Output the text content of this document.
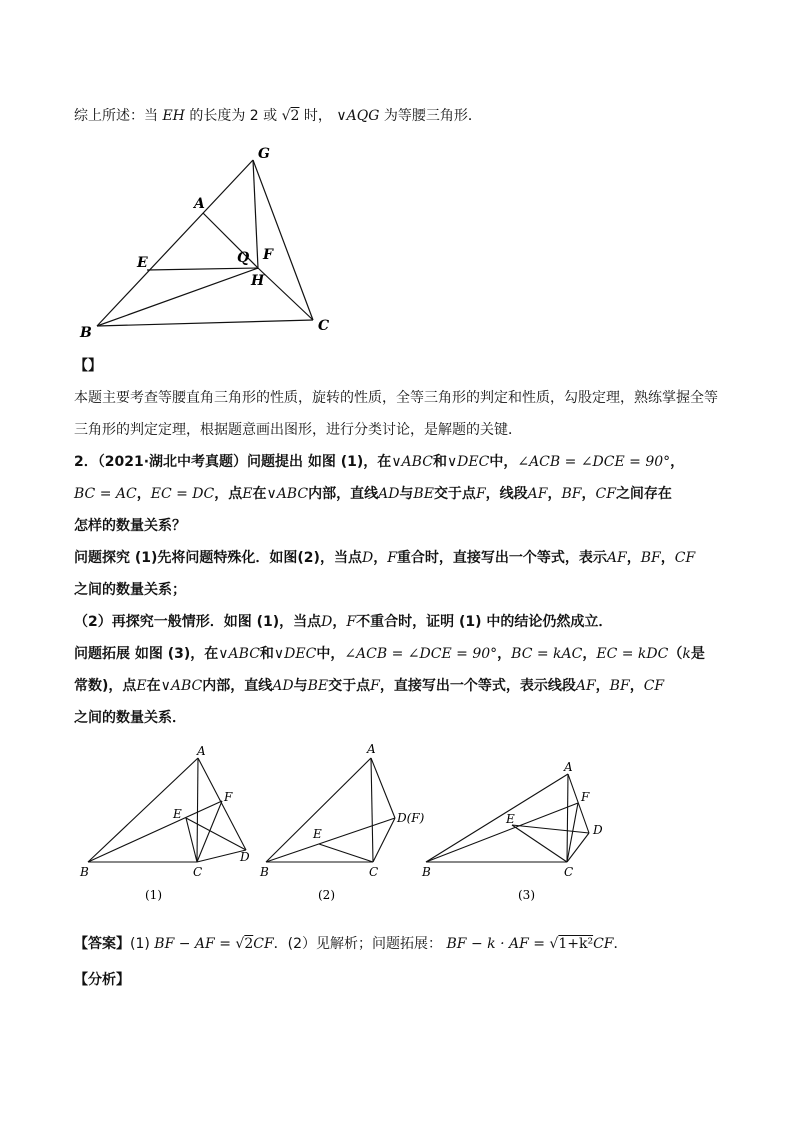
综上所述：当 EH 的长度为 2 或 √2 时， ∨AQG 为等腰三角形．
G
A
E	Q F
H
B	C
【】
本题主要考查等腰直角三角形的性质，旋转的性质，全等三角形的判定和性质，勾股定理，熟练掌握全等
三角形的判定定理，根据题意画出图形，进行分类讨论，是解题的关键．
2．（2021·湖北中考真题）问题提出 如图 (1)，在∨ABC和∨DEC中，∠ACB = ∠DCE = 90°，
BC = AC，EC = DC，点E在∨ABC内部，直线AD与BE交于点F，线段AF，BF，CF之间存在
怎样的数量关系？
问题探究 (1)先将问题特殊化．如图(2)，当点D，F重合时，直接写出一个等式，表示AF，BF，CF
之间的数量关系；
（2）再探究一般情形．如图 (1)，当点D，F不重合时，证明 (1) 中的结论仍然成立．
问题拓展 如图 (3)，在∨ABC和∨DEC中，∠ACB = ∠DCE = 90°，BC = kAC，EC = kDC（k是
常数)，点E在∨ABC内部，直线AD与BE交于点F，直接写出一个等式，表示线段AF，BF，CF
之间的数量关系．
A
E
F
B	C
D
(1)
A
E
D(F)
B	C
(2)
A
F
E
D
B	C
(3)
【答案】(1) BF − AF = √2CF．(2）见解析；问题拓展： BF − k · AF = √1+k²CF．
【分析】
